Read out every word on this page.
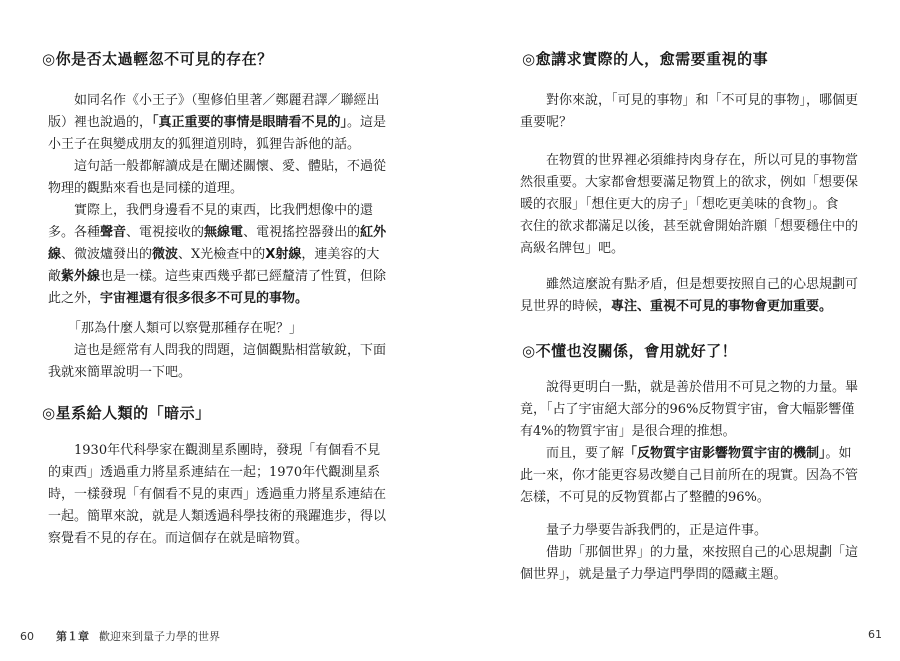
◎你是否太過輕忽不可見的存在？
如同名作《小王子》（聖修伯里著／鄭麗君譯／聯經出
版）裡也說過的，「真正重要的事情是眼睛看不見的」。這是
小王子在與變成朋友的狐狸道別時，狐狸告訴他的話。
這句話一般都解讀成是在闡述關懷、愛、體貼，不過從
物理的觀點來看也是同樣的道理。
實際上，我們身邊看不見的東西，比我們想像中的還
多。各種聲音、電視接收的無線電、電視搖控器發出的紅外
線、微波爐發出的微波、X光檢查中的X射線，連美容的大
敵紫外線也是一樣。這些東西幾乎都已經釐清了性質，但除
此之外，宇宙裡還有很多很多不可見的事物。
「那為什麼人類可以察覺那種存在呢？」
這也是經常有人問我的問題，這個觀點相當敏銳，下面
我就來簡單說明一下吧。
◎星系給人類的「暗示」
1930年代科學家在觀測星系團時，發現「有個看不見
的東西」透過重力將星系連結在一起；1970年代觀測星系
時，一樣發現「有個看不見的東西」透過重力將星系連結在
一起。簡單來說，就是人類透過科學技術的飛躍進步，得以
察覺看不見的存在。而這個存在就是暗物質。
60 第１章 歡迎來到量子力學的世界
◎愈講求實際的人，愈需要重視的事
對你來說，「可見的事物」和「不可見的事物」，哪個更
重要呢？
在物質的世界裡必須維持肉身存在，所以可見的事物當
然很重要。大家都會想要滿足物質上的欲求，例如「想要保
暖的衣服」「想住更大的房子」「想吃更美味的食物」。食
衣住的欲求都滿足以後，甚至就會開始許願「想要穩住中的
高級名牌包」吧。
雖然這麼說有點矛盾，但是想要按照自己的心思規劃可
見世界的時候，專注、重視不可見的事物會更加重要。
◎不懂也沒關係，會用就好了！
說得更明白一點，就是善於借用不可見之物的力量。畢
竟，「占了宇宙絕大部分的96%反物質宇宙，會大幅影響僅
有4%的物質宇宙」是很合理的推想。
而且，要了解「反物質宇宙影響物質宇宙的機制」。如
此一來，你才能更容易改變自己目前所在的現實。因為不管
怎樣，不可見的反物質都占了整體的96%。
量子力學要告訴我們的，正是這件事。
借助「那個世界」的力量，來按照自己的心思規劃「這
個世界」，就是量子力學這門學問的隱藏主題。
61
